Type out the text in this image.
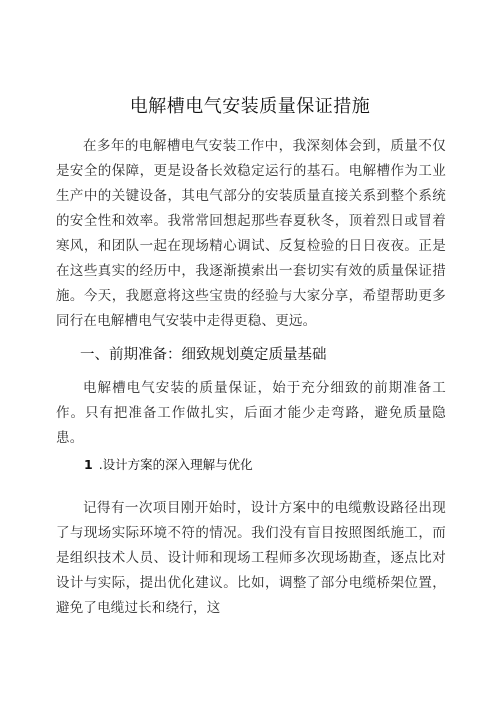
电解槽电气安装质量保证措施

在多年的电解槽电气安装工作中，我深刻体会到，质量不仅是安全的保障，更是设备长效稳定运行的基石。电解槽作为工业生产中的关键设备，其电气部分的安装质量直接关系到整个系统的安全性和效率。我常常回想起那些春夏秋冬，顶着烈日或冒着寒风，和团队一起在现场精心调试、反复检验的日日夜夜。正是在这些真实的经历中，我逐渐摸索出一套切实有效的质量保证措施。今天，我愿意将这些宝贵的经验与大家分享，希望帮助更多同行在电解槽电气安装中走得更稳、更远。

一、前期准备：细致规划奠定质量基础

电解槽电气安装的质量保证，始于充分细致的前期准备工作。只有把准备工作做扎实，后面才能少走弯路，避免质量隐患。

1 .设计方案的深入理解与优化

记得有一次项目刚开始时，设计方案中的电缆敷设路径出现了与现场实际环境不符的情况。我们没有盲目按照图纸施工，而是组织技术人员、设计师和现场工程师多次现场勘查，逐点比对设计与实际，提出优化建议。比如，调整了部分电缆桥架位置，避免了电缆过长和绕行，这
